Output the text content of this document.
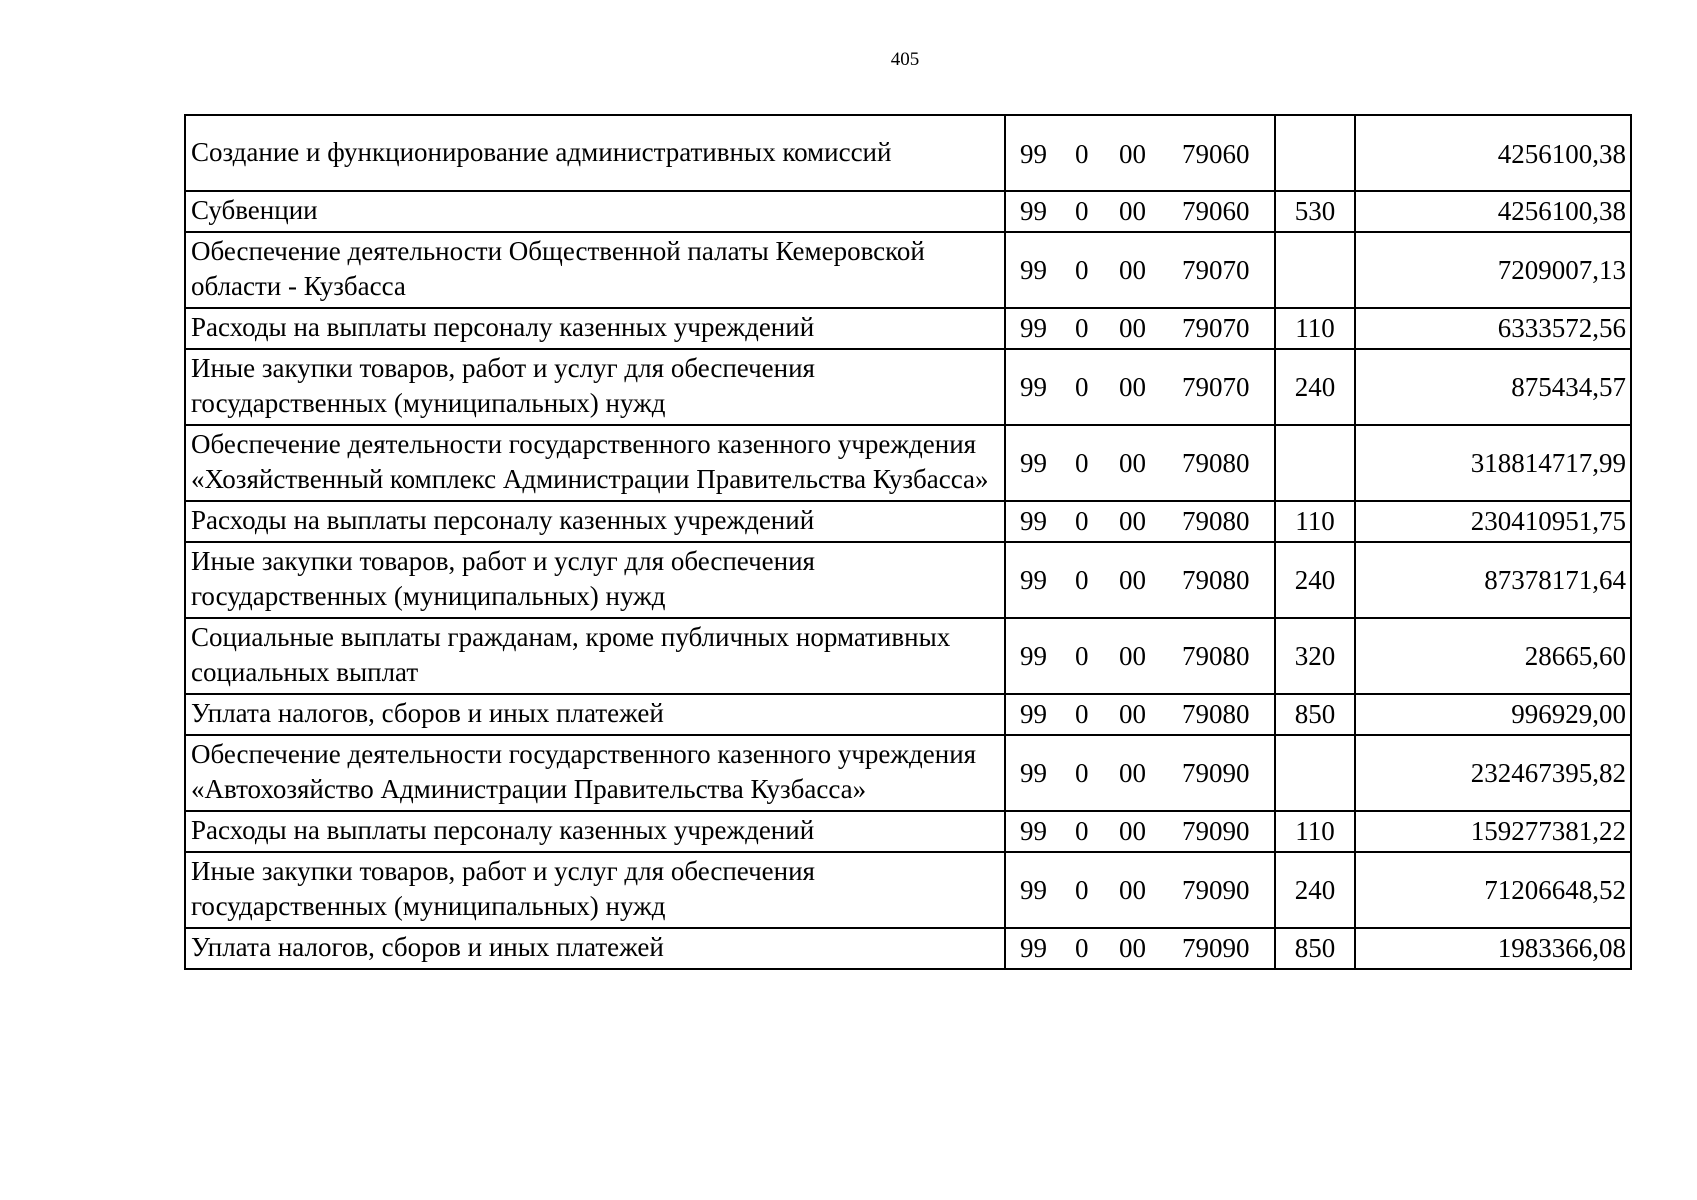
405
Создание и функционирование административных комиссий	99 0 00 79060		4256100,38
Субвенции	99 0 00 79060	530	4256100,38
Обеспечение деятельности Общественной палаты Кемеровской области - Кузбасса	99 0 00 79070		7209007,13
Расходы на выплаты персоналу казенных учреждений	99 0 00 79070	110	6333572,56
Иные закупки товаров, работ и услуг для обеспечения государственных (муниципальных) нужд	99 0 00 79070	240	875434,57
Обеспечение деятельности государственного казенного учреждения «Хозяйственный комплекс Администрации Правительства Кузбасса»	99 0 00 79080		318814717,99
Расходы на выплаты персоналу казенных учреждений	99 0 00 79080	110	230410951,75
Иные закупки товаров, работ и услуг для обеспечения государственных (муниципальных) нужд	99 0 00 79080	240	87378171,64
Социальные выплаты гражданам, кроме публичных нормативных социальных выплат	99 0 00 79080	320	28665,60
Уплата налогов, сборов и иных платежей	99 0 00 79080	850	996929,00
Обеспечение деятельности государственного казенного учреждения «Автохозяйство Администрации Правительства Кузбасса»	99 0 00 79090		232467395,82
Расходы на выплаты персоналу казенных учреждений	99 0 00 79090	110	159277381,22
Иные закупки товаров, работ и услуг для обеспечения государственных (муниципальных) нужд	99 0 00 79090	240	71206648,52
Уплата налогов, сборов и иных платежей	99 0 00 79090	850	1983366,08
